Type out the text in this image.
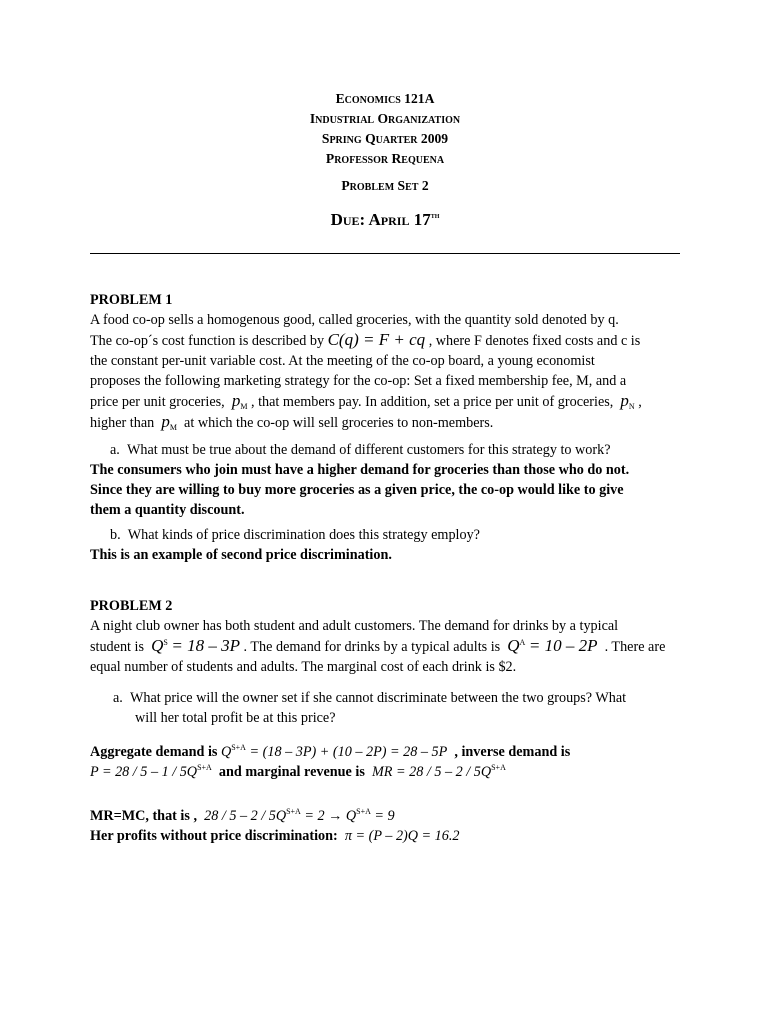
Economics 121A
Industrial Organization
Spring Quarter 2009
Professor Requena
Problem Set 2
Due: April 17th
PROBLEM 1
A food co-op sells a homogenous good, called groceries, with the quantity sold denoted by q.
The co-op´s cost function is described by C(q) = F + cq , where F denotes fixed costs and c is
the constant per-unit variable cost. At the meeting of the co-op board, a young economist
proposes the following marketing strategy for the co-op: Set a fixed membership fee, M, and a
price per unit groceries, $p_M$ , that members pay. In addition, set a price per unit of groceries, $p_N$ ,
higher than $p_M$ at which the co-op will sell groceries to non-members.
a. What must be true about the demand of different customers for this strategy to work?
The consumers who join must have a higher demand for groceries than those who do not.
Since they are willing to buy more groceries as a given price, the co-op would like to give
them a quantity discount.
b. What kinds of price discrimination does this strategy employ?
This is an example of second price discrimination.
PROBLEM 2
A night club owner has both student and adult customers. The demand for drinks by a typical
student is $Q^S = 18 - 3P$ . The demand for drinks by a typical adults is $Q^A = 10 - 2P$ . There are
equal number of students and adults. The marginal cost of each drink is $2.
a. What price will the owner set if she cannot discriminate between the two groups? What
will her total profit be at this price?
Aggregate demand is $Q^{S+A} = (18 - 3P) + (10 - 2P) = 28 - 5P$ , inverse demand is
$P = 28 / 5 - 1 / 5Q^{S+A}$ and marginal revenue is MR = $28 / 5 - 2 / 5Q^{S+A}$
MR=MC, that is , $28 / 5 - 2 / 5Q^{S+A} = 2 \to Q^{S+A} = 9$
Her profits without price discrimination: π = (P – 2)Q = 16.2
